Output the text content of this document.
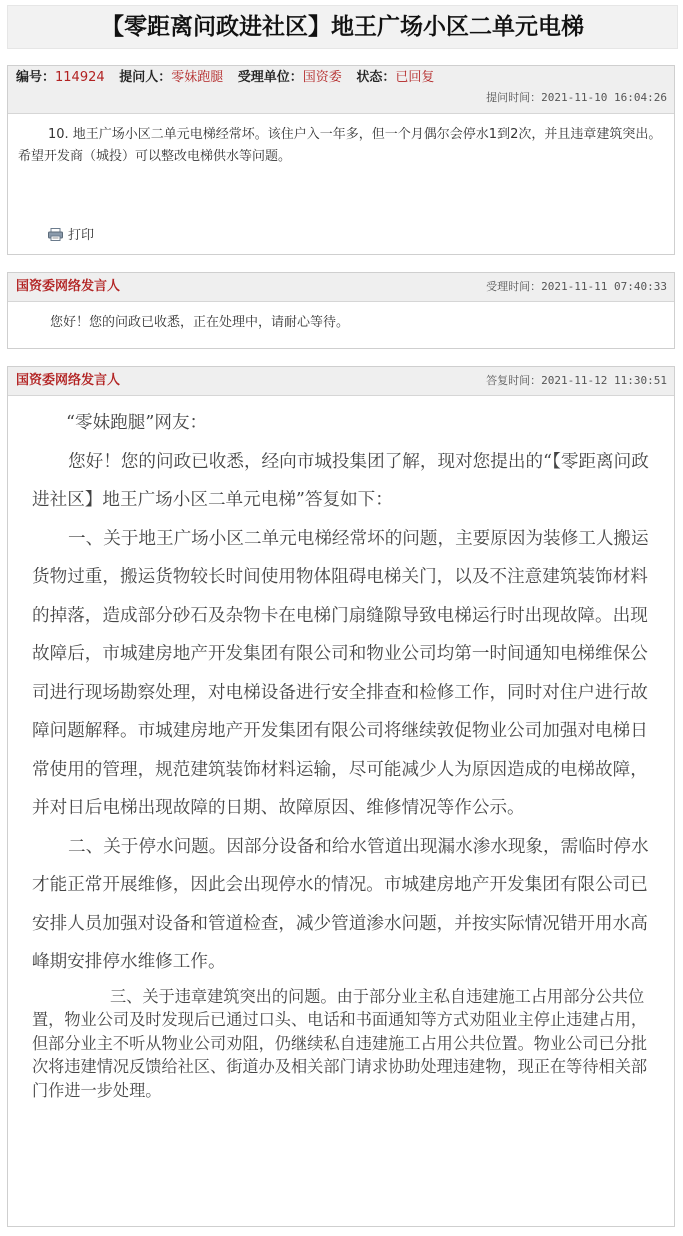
【零距离问政进社区】地王广场小区二单元电梯
编号：114924 提问人：零妹跑腿 受理单位：国资委 状态：已回复
提问时间：2021-11-10 16:04:26
10. 地王广场小区二单元电梯经常坏。该住户入一年多，但一个月偶尔会停水1到2次，并且违章建筑突出。希望开发商（城投）可以整改电梯供水等问题。
打印
国资委网络发言人	受理时间：2021-11-11 07:40:33
您好！您的问政已收悉，正在处理中，请耐心等待。
国资委网络发言人	答复时间：2021-11-12 11:30:51

“零妹跑腿”网友：

您好！您的问政已收悉，经向市城投集团了解，现对您提出的“【零距离问政进社区】地王广场小区二单元电梯”答复如下：

一、关于地王广场小区二单元电梯经常坏的问题，主要原因为装修工人搬运货物过重，搬运货物较长时间使用物体阻碍电梯关门，以及不注意建筑装饰材料的掉落，造成部分砂石及杂物卡在电梯门扇缝隙导致电梯运行时出现故障。出现故障后，市城建房地产开发集团有限公司和物业公司均第一时间通知电梯维保公司进行现场勘察处理，对电梯设备进行安全排查和检修工作，同时对住户进行故障问题解释。市城建房地产开发集团有限公司将继续敦促物业公司加强对电梯日常使用的管理，规范建筑装饰材料运输，尽可能减少人为原因造成的电梯故障，并对日后电梯出现故障的日期、故障原因、维修情况等作公示。

二、关于停水问题。因部分设备和给水管道出现漏水渗水现象，需临时停水才能正常开展维修，因此会出现停水的情况。市城建房地产开发集团有限公司已安排人员加强对设备和管道检查，减少管道渗水问题，并按实际情况错开用水高峰期安排停水维修工作。

三、关于违章建筑突出的问题。由于部分业主私自违建施工占用部分公共位置，物业公司及时发现后已通过口头、电话和书面通知等方式劝阻业主停止违建占用，但部分业主不听从物业公司劝阻，仍继续私自违建施工占用公共位置。物业公司已分批次将违建情况反馈给社区、街道办及相关部门请求协助处理违建物，现正在等待相关部门作进一步处理。
